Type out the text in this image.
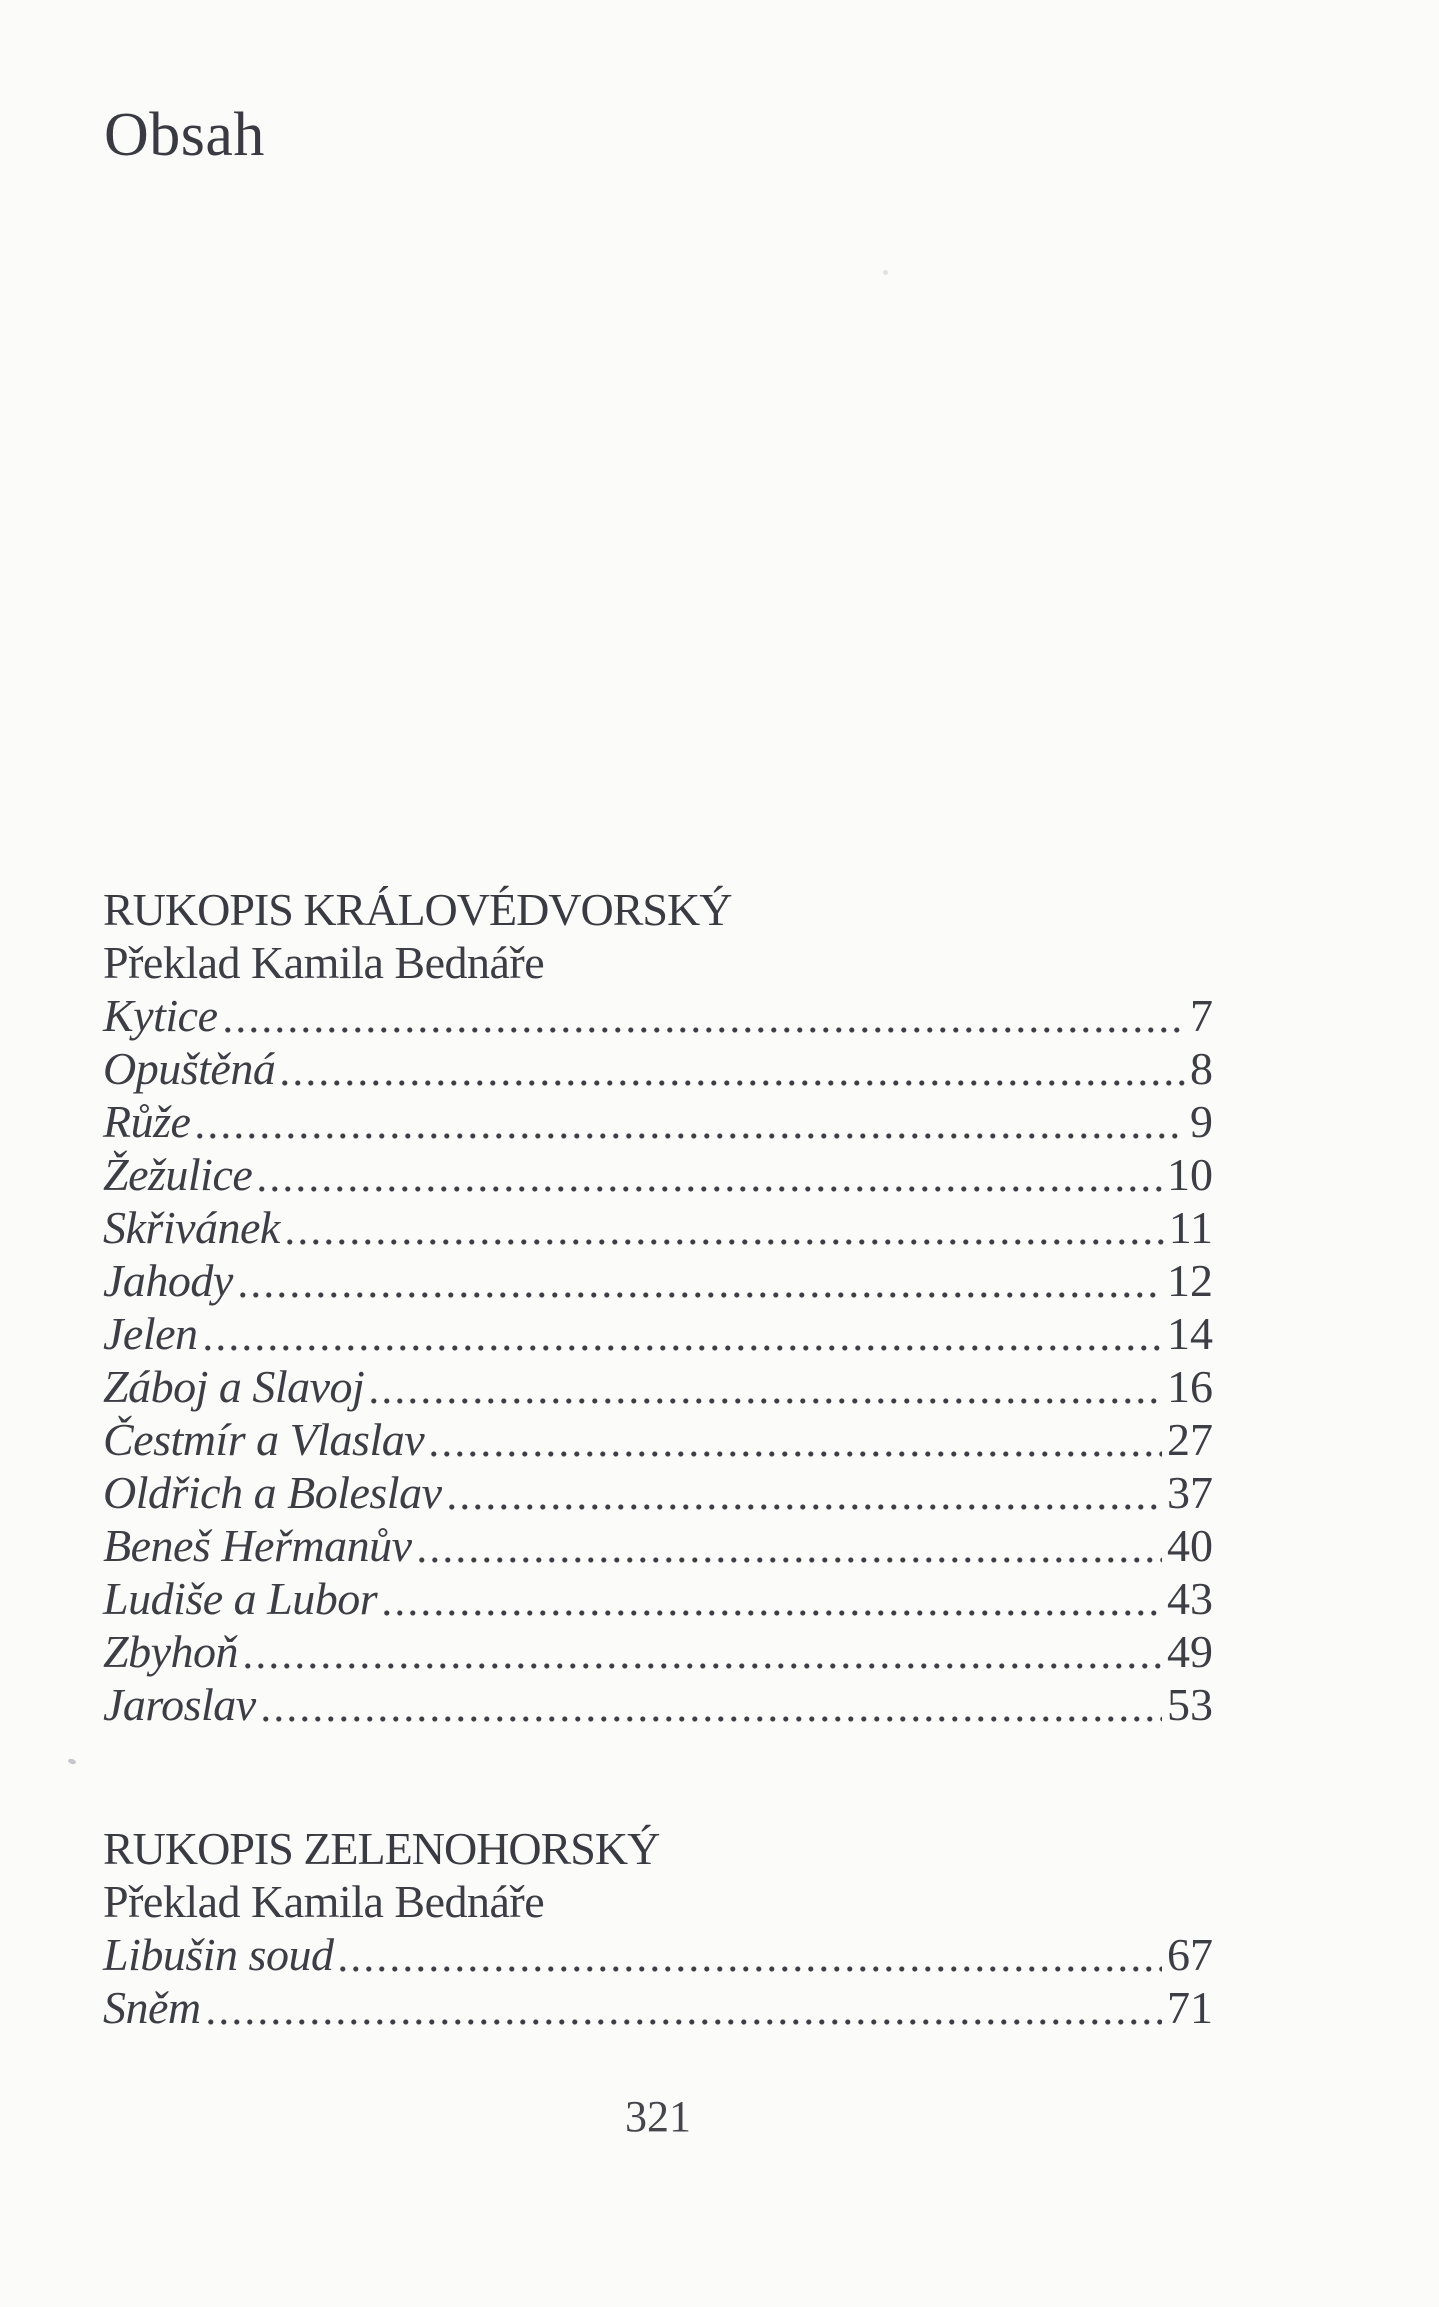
Obsah
RUKOPIS KRÁLOVÉDVORSKÝ
Překlad Kamila Bednáře
Kytice	7
Opuštěná	8
Růže	9
Žežulice	10
Skřivánek	11
Jahody	12
Jelen	14
Záboj a Slavoj	16
Čestmír a Vlaslav	27
Oldřich a Boleslav	37
Beneš Heřmanův	40
Ludiše a Lubor	43
Zbyhoň	49
Jaroslav	53
RUKOPIS ZELENOHORSKÝ
Překlad Kamila Bednáře
Libušin soud	67
Sněm	71
321
